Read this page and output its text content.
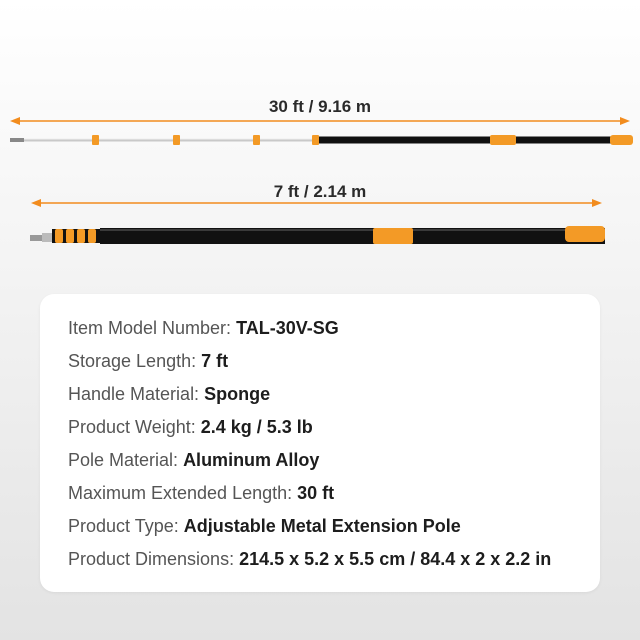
30 ft / 9.16 m
7 ft / 2.14 m
Item Model Number: TAL-30V-SG
Storage Length: 7 ft
Handle Material: Sponge
Product Weight: 2.4 kg / 5.3 lb
Pole Material: Aluminum Alloy
Maximum Extended Length: 30 ft
Product Type: Adjustable Metal Extension Pole
Product Dimensions: 214.5 x 5.2 x 5.5 cm / 84.4 x 2 x 2.2 in
